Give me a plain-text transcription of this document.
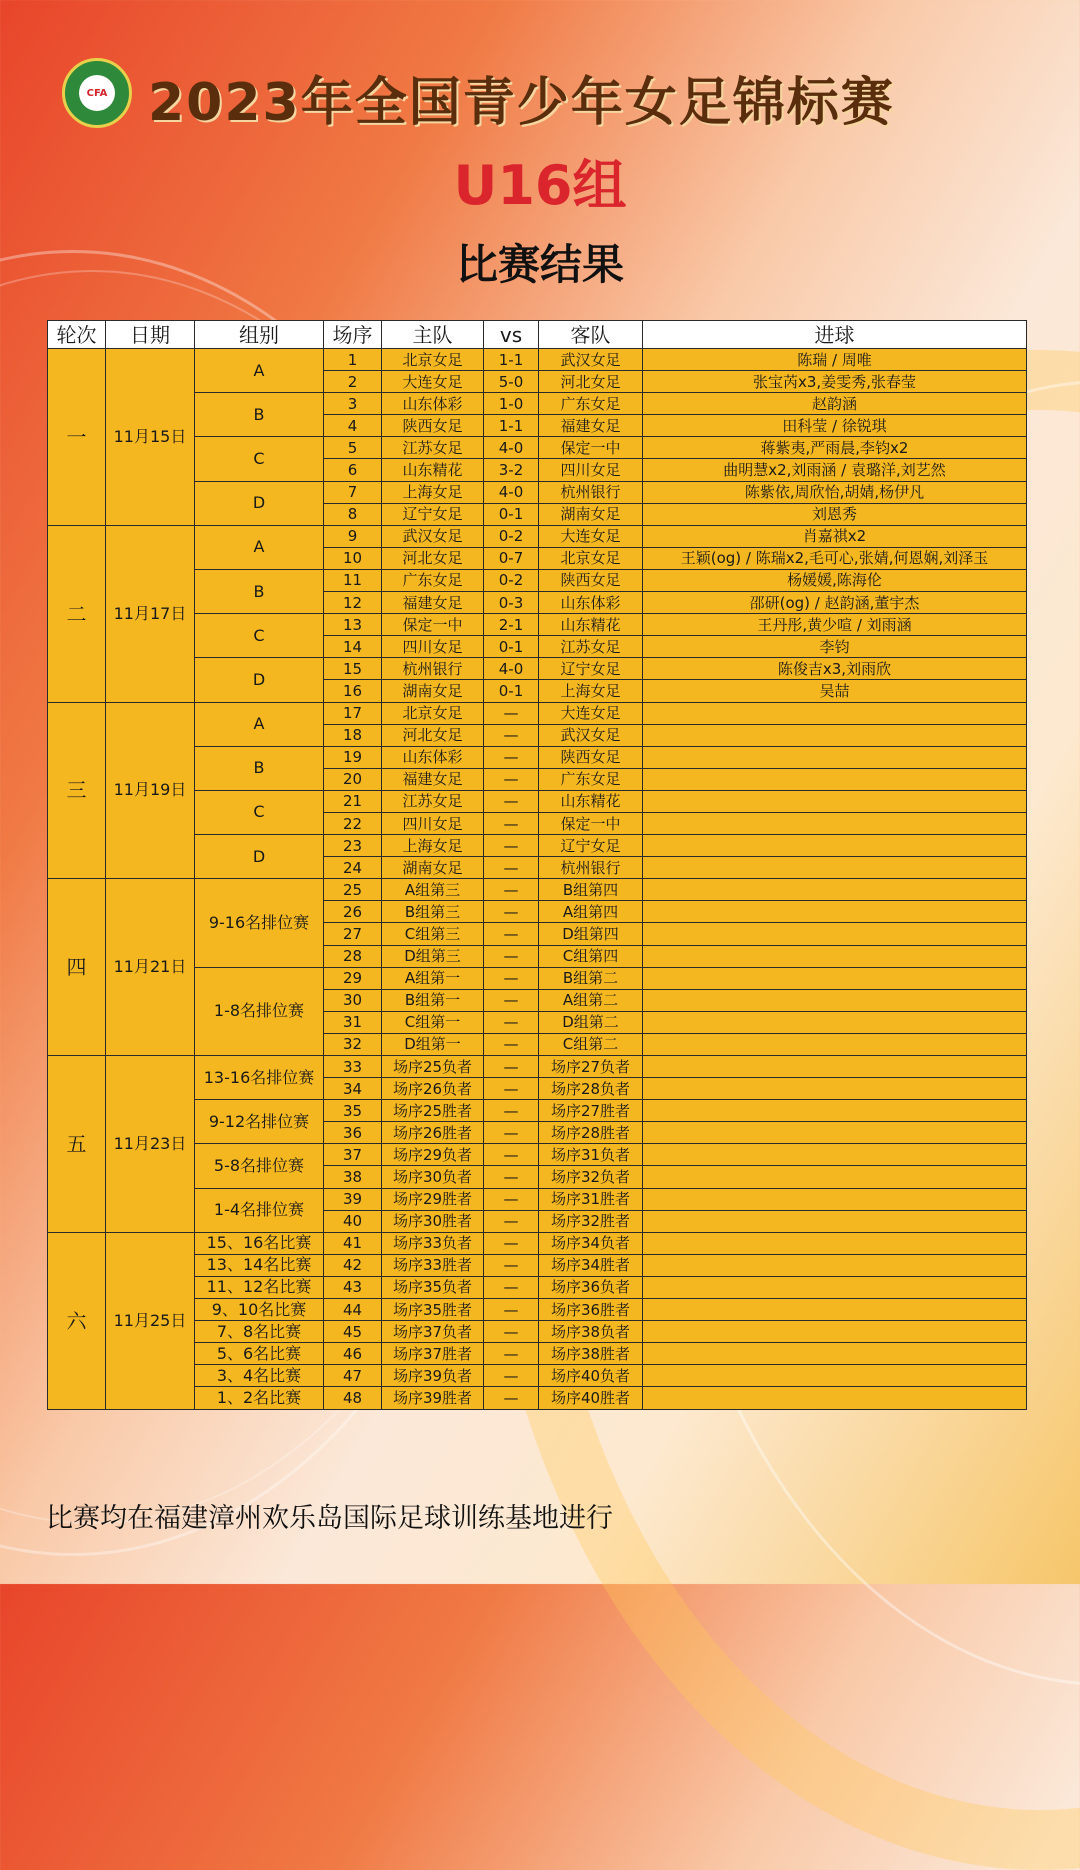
CFA 2023年全国青少年女足锦标赛
U16组
比赛结果
轮次	日期	组别	场序	主队	vs	客队	进球
一	11月15日	A	1	北京女足	1-1	武汉女足	陈瑞 / 周唯
			2	大连女足	5-0	河北女足	张宝芮x3,姜雯秀,张春莹
		B	3	山东体彩	1-0	广东女足	赵韵涵
			4	陕西女足	1-1	福建女足	田科莹 / 徐锐琪
		C	5	江苏女足	4-0	保定一中	蒋紫夷,严雨晨,李钧x2
			6	山东精花	3-2	四川女足	曲明慧x2,刘雨涵 / 袁璐洋,刘艺然
		D	7	上海女足	4-0	杭州银行	陈紫依,周欣怡,胡婧,杨伊凡
			8	辽宁女足	0-1	湖南女足	刘恩秀
二	11月17日	A	9	武汉女足	0-2	大连女足	肖嘉祺x2
			10	河北女足	0-7	北京女足	王颖(og) / 陈瑞x2,毛可心,张婧,何恩娴,刘泽玉
		B	11	广东女足	0-2	陕西女足	杨媛媛,陈海伦
			12	福建女足	0-3	山东体彩	邵研(og) / 赵韵涵,董宇杰
		C	13	保定一中	2-1	山东精花	王丹彤,黄少喧 / 刘雨涵
			14	四川女足	0-1	江苏女足	李钧
		D	15	杭州银行	4-0	辽宁女足	陈俊吉x3,刘雨欣
			16	湖南女足	0-1	上海女足	吴喆
三	11月19日	A	17	北京女足	—	大连女足	
			18	河北女足	—	武汉女足	
		B	19	山东体彩	—	陕西女足	
			20	福建女足	—	广东女足	
		C	21	江苏女足	—	山东精花	
			22	四川女足	—	保定一中	
		D	23	上海女足	—	辽宁女足	
			24	湖南女足	—	杭州银行	
四	11月21日	9-16名排位赛	25	A组第三	—	B组第四	
			26	B组第三	—	A组第四	
			27	C组第三	—	D组第四	
			28	D组第三	—	C组第四	
		1-8名排位赛	29	A组第一	—	B组第二	
			30	B组第一	—	A组第二	
			31	C组第一	—	D组第二	
			32	D组第一	—	C组第二	
五	11月23日	13-16名排位赛	33	场序25负者	—	场序27负者	
			34	场序26负者	—	场序28负者	
		9-12名排位赛	35	场序25胜者	—	场序27胜者	
			36	场序26胜者	—	场序28胜者	
		5-8名排位赛	37	场序29负者	—	场序31负者	
			38	场序30负者	—	场序32负者	
		1-4名排位赛	39	场序29胜者	—	场序31胜者	
			40	场序30胜者	—	场序32胜者	
六	11月25日	15、16名比赛	41	场序33负者	—	场序34负者	
		13、14名比赛	42	场序33胜者	—	场序34胜者	
		11、12名比赛	43	场序35负者	—	场序36负者	
		9、10名比赛	44	场序35胜者	—	场序36胜者	
		7、8名比赛	45	场序37负者	—	场序38负者	
		5、6名比赛	46	场序37胜者	—	场序38胜者	
		3、4名比赛	47	场序39负者	—	场序40负者	
		1、2名比赛	48	场序39胜者	—	场序40胜者	
比赛均在福建漳州欢乐岛国际足球训练基地进行
